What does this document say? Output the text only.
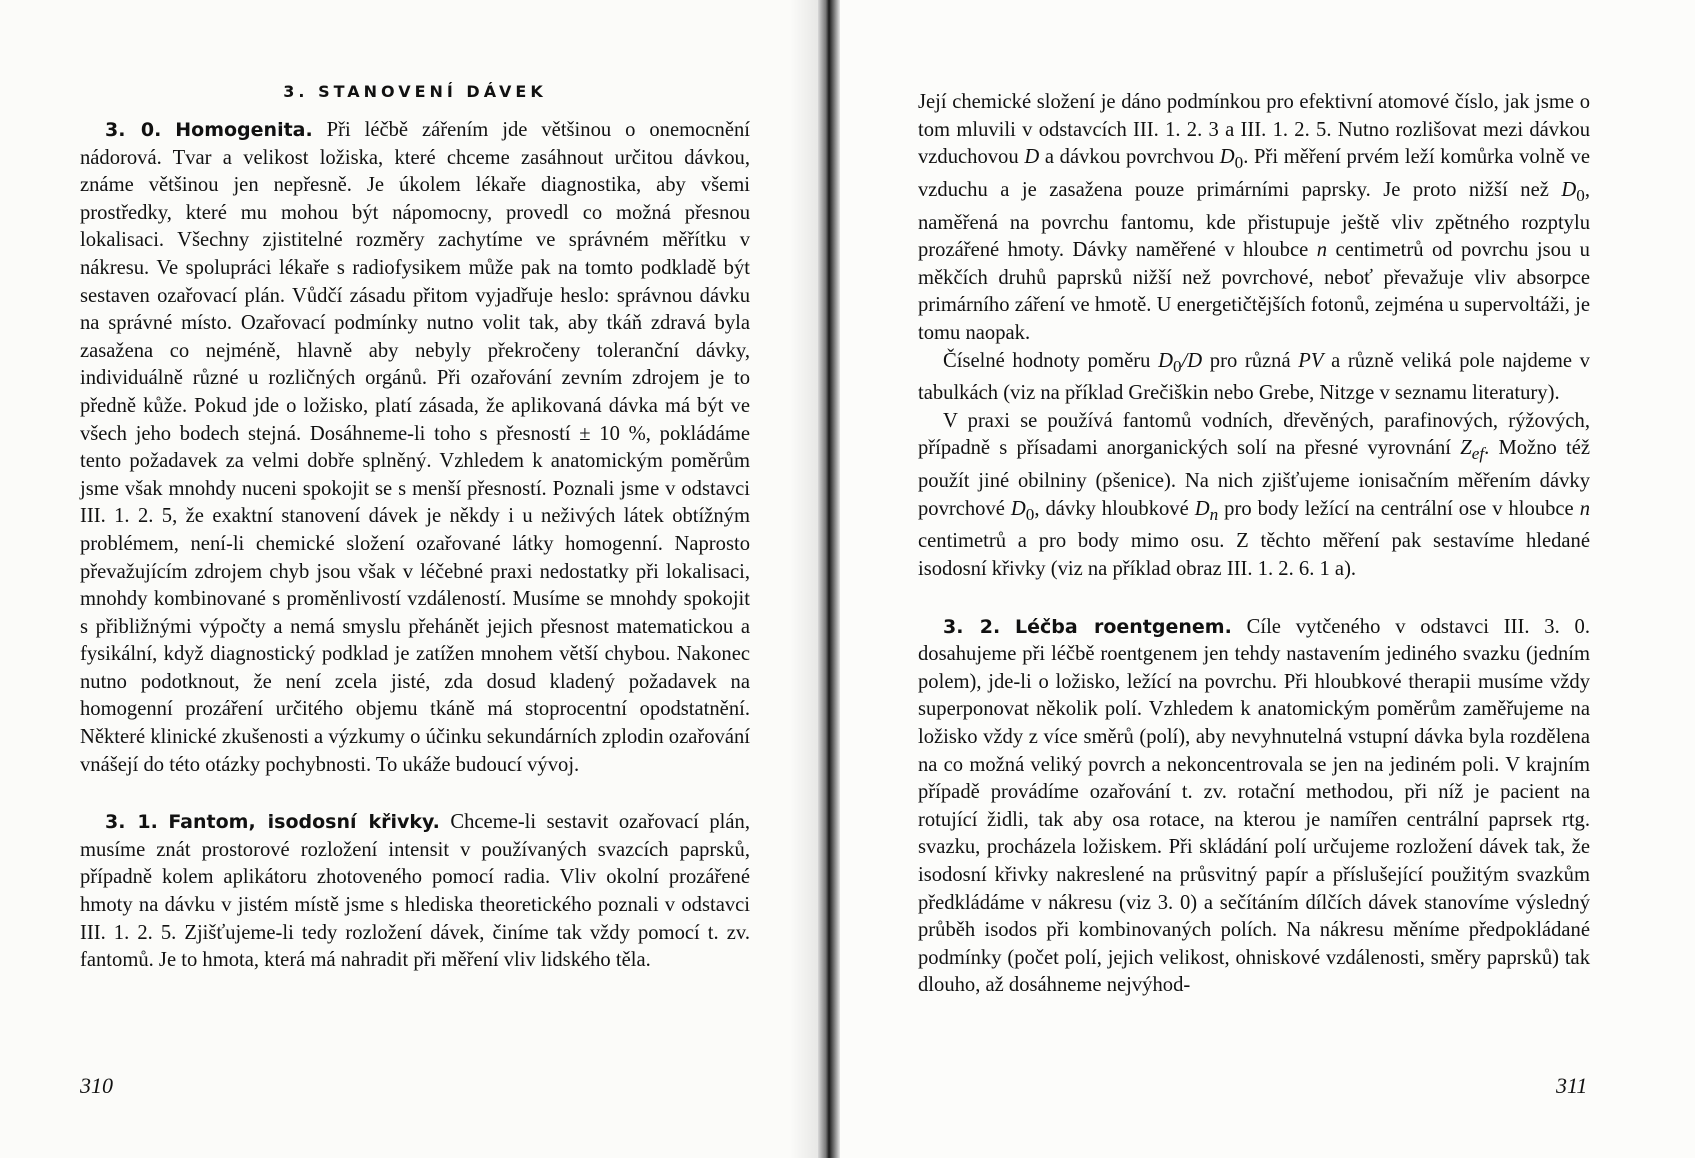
3. STANOVENÍ DÁVEK

3. 0. Homogenita. Při léčbě zářením jde většinou o onemocnění nádorová. Tvar a velikost ložiska, které chceme zasáhnout určitou dávkou, známe většinou jen nepřesně. Je úkolem lékaře diagnostika, aby všemi prostředky, které mu mohou být nápomocny, provedl co možná přesnou lokalisaci. Všechny zjistitelné rozměry zachytíme ve správném měřítku v nákresu. Ve spolupráci lékaře s radiofysikem může pak na tomto podkladě být sestaven ozařovací plán. Vůdčí zásadu přitom vyjadřuje heslo: správnou dávku na správné místo. Ozařovací podmínky nutno volit tak, aby tkáň zdravá byla zasažena co nejméně, hlavně aby nebyly překročeny toleranční dávky, individuálně různé u rozličných orgánů. Při ozařování zevním zdrojem je to předně kůže. Pokud jde o ložisko, platí zásada, že aplikovaná dávka má být ve všech jeho bodech stejná. Dosáhneme-li toho s přesností ± 10 %, pokládáme tento požadavek za velmi dobře splněný. Vzhledem k anatomickým poměrům jsme však mnohdy nuceni spokojit se s menší přesností. Poznali jsme v odstavci III. 1. 2. 5, že exaktní stanovení dávek je někdy i u neživých látek obtížným problémem, není-li chemické složení ozařované látky homogenní. Naprosto převažujícím zdrojem chyb jsou však v léčebné praxi nedostatky při lokalisaci, mnohdy kombinované s proměnlivostí vzdáleností. Musíme se mnohdy spokojit s přibližnými výpočty a nemá smyslu přehánět jejich přesnost matematickou a fysikální, když diagnostický podklad je zatížen mnohem větší chybou. Nakonec nutno podotknout, že není zcela jisté, zda dosud kladený požadavek na homogenní prozáření určitého objemu tkáně má stoprocentní opodstatnění. Některé klinické zkušenosti a výzkumy o účinku sekundárních zplodin ozařování vnášejí do této otázky pochybnosti. To ukáže budoucí vývoj.

3. 1. Fantom, isodosní křivky. Chceme-li sestavit ozařovací plán, musíme znát prostorové rozložení intensit v používaných svazcích paprsků, případně kolem aplikátoru zhotoveného pomocí radia. Vliv okolní prozářené hmoty na dávku v jistém místě jsme s hlediska theoretického poznali v odstavci III. 1. 2. 5. Zjišťujeme-li tedy rozložení dávek, činíme tak vždy pomocí t. zv. fantomů. Je to hmota, která má nahradit při měření vliv lidského těla.

310

Její chemické složení je dáno podmínkou pro efektivní atomové číslo, jak jsme o tom mluvili v odstavcích III. 1. 2. 3 a III. 1. 2. 5. Nutno rozlišovat mezi dávkou vzduchovou D a dávkou povrchvou $D_0$. Při měření prvém leží komůrka volně ve vzduchu a je zasažena pouze primárními paprsky. Je proto nižší než $D_0$, naměřená na povrchu fantomu, kde přistupuje ještě vliv zpětného rozptylu prozářené hmoty. Dávky naměřené v hloubce n centimetrů od povrchu jsou u měkčích druhů paprsků nižší než povrchové, neboť převažuje vliv absorpce primárního záření ve hmotě. U energetičtějších fotonů, zejména u supervoltáži, je tomu naopak.

Číselné hodnoty poměru $D_0/D$ pro různá PV a různě veliká pole najdeme v tabulkách (viz na příklad Grečiškin nebo Grebe, Nitzge v seznamu literatury).

V praxi se používá fantomů vodních, dřevěných, parafinových, rýžových, případně s přísadami anorganických solí na přesné vyrovnání $Z_{ef}$. Možno též použít jiné obilniny (pšenice). Na nich zjišťujeme ionisačním měřením dávky povrchové $D_0$, dávky hloubkové $D_n$ pro body ležící na centrální ose v hloubce n centimetrů a pro body mimo osu. Z těchto měření pak sestavíme hledané isodosní křivky (viz na příklad obraz III. 1. 2. 6. 1 a).

3. 2. Léčba roentgenem. Cíle vytčeného v odstavci III. 3. 0. dosahujeme při léčbě roentgenem jen tehdy nastavením jediného svazku (jedním polem), jde-li o ložisko, ležící na povrchu. Při hloubkové therapii musíme vždy superponovat několik polí. Vzhledem k anatomickým poměrům zaměřujeme na ložisko vždy z více směrů (polí), aby nevyhnutelná vstupní dávka byla rozdělena na co možná veliký povrch a nekoncentrovala se jen na jediném poli. V krajním případě provádíme ozařování t. zv. rotační methodou, při níž je pacient na rotující židli, tak aby osa rotace, na kterou je namířen centrální paprsek rtg. svazku, procházela ložiskem. Při skládání polí určujeme rozložení dávek tak, že isodosní křivky nakreslené na průsvitný papír a příslušející použitým svazkům předkládáme v nákresu (viz 3. 0) a sečítáním dílčích dávek stanovíme výsledný průběh isodos při kombinovaných polích. Na nákresu měníme předpokládané podmínky (počet polí, jejich velikost, ohniskové vzdálenosti, směry paprsků) tak dlouho, až dosáhneme nejvýhod-

311
